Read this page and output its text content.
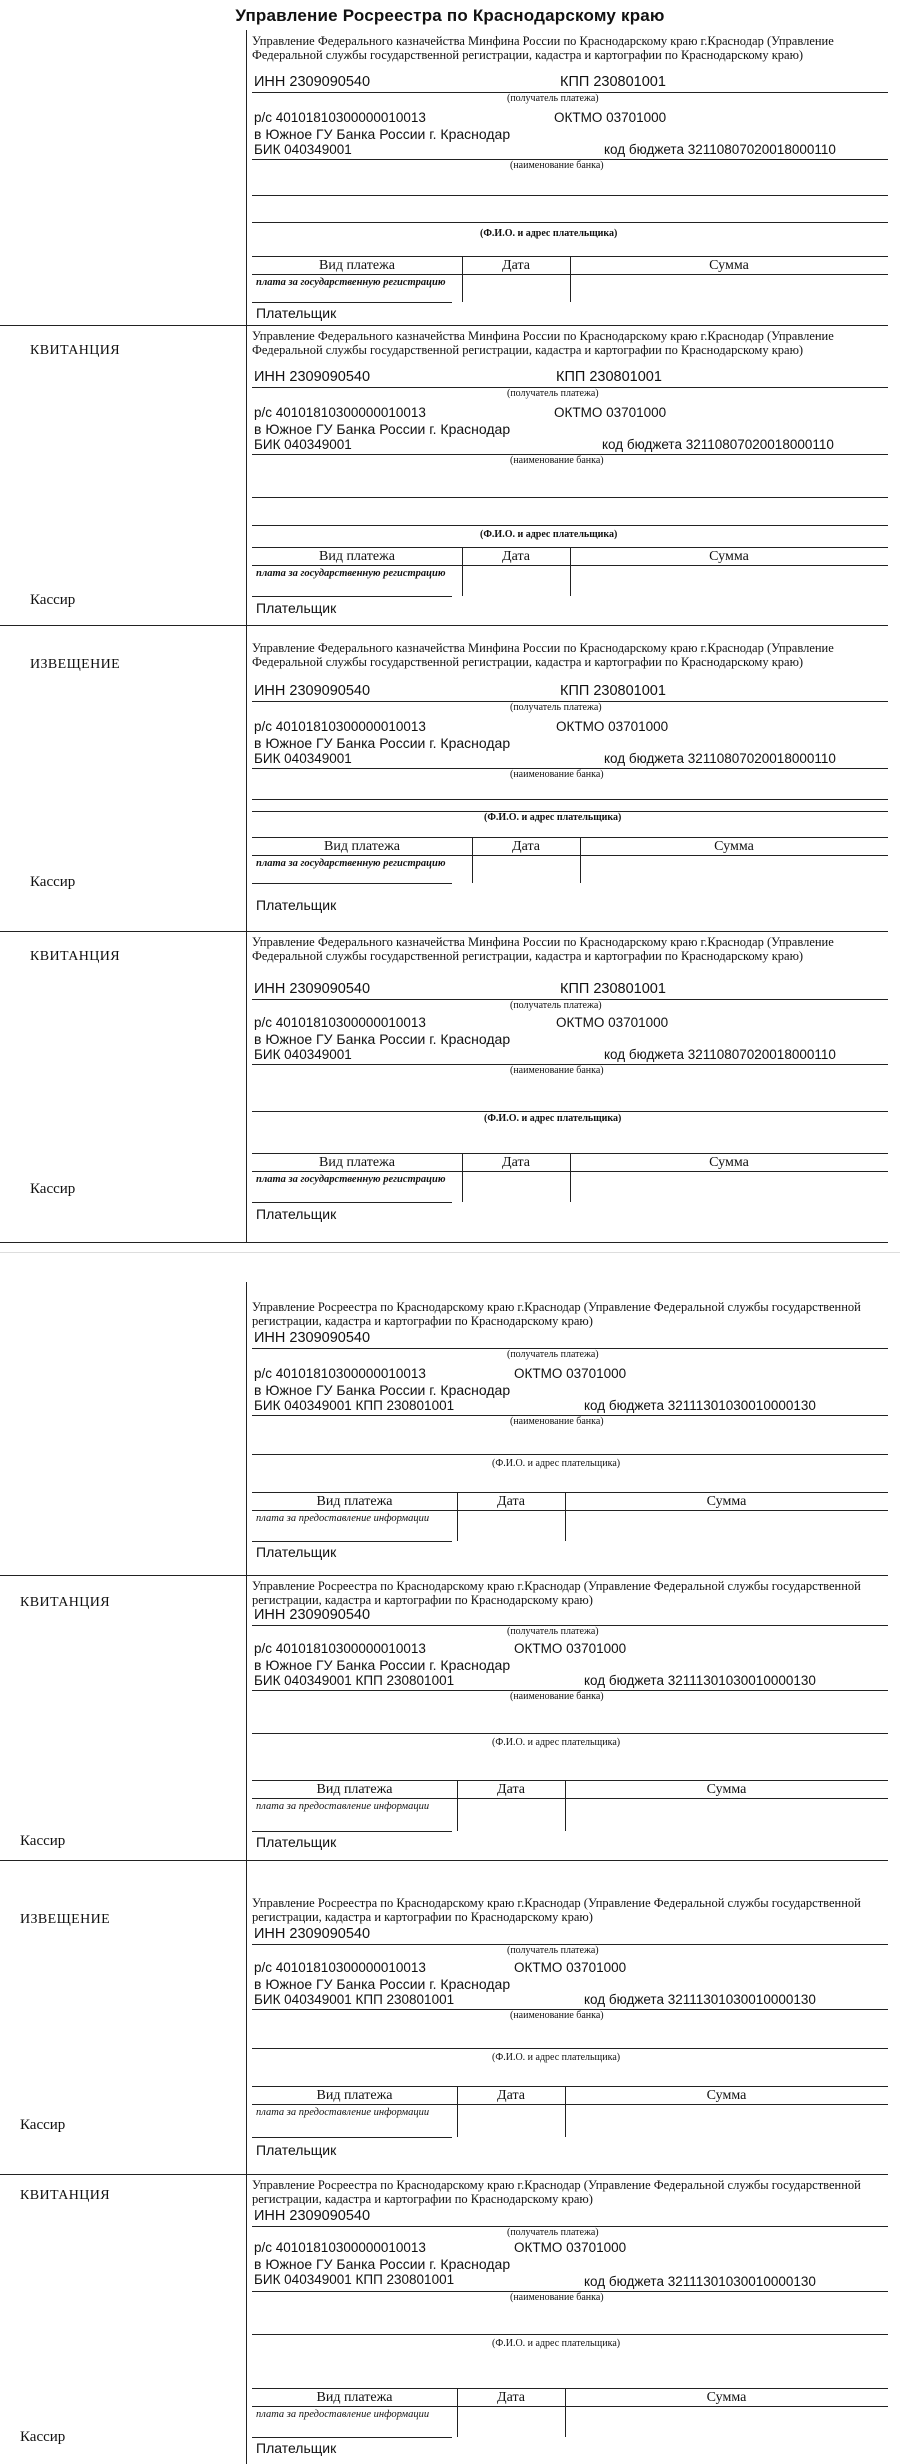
Управление Росреестра по Краснодарскому краю
Управление Федерального казначейства Минфина России по Краснодарскому краю г.Краснодар (Управление Федеральной службы государственной регистрации, кадастра и картографии по Краснодарскому краю)
ИНН 2309090540	КПП 230801001
(получатель платежа)
р/с 40101810300000010013	ОКТМО 03701000
в Южное ГУ Банка России г. Краснодар
БИК 040349001	код бюджета 32110807020018000110
(наименование банка)
(Ф.И.О. и адрес плательщика)
Вид платежа	Дата	Сумма
плата за государственную регистрацию
Плательщик
КВИТАНЦИЯ
Кассир
Управление Федерального казначейства Минфина России по Краснодарскому краю г.Краснодар (Управление Федеральной службы государственной регистрации, кадастра и картографии по Краснодарскому краю)
ИНН 2309090540	КПП 230801001
(получатель платежа)
р/с 40101810300000010013	ОКТМО 03701000
в Южное ГУ Банка России г. Краснодар
БИК 040349001	код бюджета 32110807020018000110
(наименование банка)
(Ф.И.О. и адрес плательщика)
Вид платежа	Дата	Сумма
плата за государственную регистрацию
Плательщик
ИЗВЕЩЕНИЕ
Кассир
Управление Федерального казначейства Минфина России по Краснодарскому краю г.Краснодар (Управление Федеральной службы государственной регистрации, кадастра и картографии по Краснодарскому краю)
ИНН 2309090540	КПП 230801001
(получатель платежа)
р/с 40101810300000010013	ОКТМО 03701000
в Южное ГУ Банка России г. Краснодар
БИК 040349001	код бюджета 32110807020018000110
(наименование банка)
(Ф.И.О. и адрес плательщика)
Вид платежа	Дата	Сумма
плата за государственную регистрацию
Плательщик
КВИТАНЦИЯ
Кассир
Управление Федерального казначейства Минфина России по Краснодарскому краю г.Краснодар (Управление Федеральной службы государственной регистрации, кадастра и картографии по Краснодарскому краю)
ИНН 2309090540	КПП 230801001
(получатель платежа)
р/с 40101810300000010013	ОКТМО 03701000
в Южное ГУ Банка России г. Краснодар
БИК 040349001	код бюджета 32110807020018000110
(наименование банка)
(Ф.И.О. и адрес плательщика)
Вид платежа	Дата	Сумма
плата за государственную регистрацию
Плательщик
Управление Росреестра по Краснодарскому краю г.Краснодар (Управление Федеральной службы государственной регистрации, кадастра и картографии по Краснодарскому краю)
ИНН 2309090540
(получатель платежа)
р/с 40101810300000010013	ОКТМО 03701000
в Южное ГУ Банка России г. Краснодар
БИК 040349001 КПП 230801001	код бюджета 32111301030010000130
(наименование банка)
(Ф.И.О. и адрес плательщика)
Вид платежа	Дата	Сумма
плата за предоставление информации
Плательщик
КВИТАНЦИЯ
Кассир
Управление Росреестра по Краснодарскому краю г.Краснодар (Управление Федеральной службы государственной регистрации, кадастра и картографии по Краснодарскому краю)
ИНН 2309090540
(получатель платежа)
р/с 40101810300000010013	ОКТМО 03701000
в Южное ГУ Банка России г. Краснодар
БИК 040349001 КПП 230801001	код бюджета 32111301030010000130
(наименование банка)
(Ф.И.О. и адрес плательщика)
Вид платежа	Дата	Сумма
плата за предоставление информации
Плательщик
ИЗВЕЩЕНИЕ
Кассир
Управление Росреестра по Краснодарскому краю г.Краснодар (Управление Федеральной службы государственной регистрации, кадастра и картографии по Краснодарскому краю)
ИНН 2309090540
(получатель платежа)
р/с 40101810300000010013	ОКТМО 03701000
в Южное ГУ Банка России г. Краснодар
БИК 040349001 КПП 230801001	код бюджета 32111301030010000130
(наименование банка)
(Ф.И.О. и адрес плательщика)
Вид платежа	Дата	Сумма
плата за предоставление информации
Плательщик
КВИТАНЦИЯ
Кассир
Управление Росреестра по Краснодарскому краю г.Краснодар (Управление Федеральной службы государственной регистрации, кадастра и картографии по Краснодарскому краю)
ИНН 2309090540
(получатель платежа)
р/с 40101810300000010013	ОКТМО 03701000
в Южное ГУ Банка России г. Краснодар
БИК 040349001 КПП 230801001	код бюджета 32111301030010000130
(наименование банка)
(Ф.И.О. и адрес плательщика)
Вид платежа	Дата	Сумма
плата за предоставление информации
Плательщик
